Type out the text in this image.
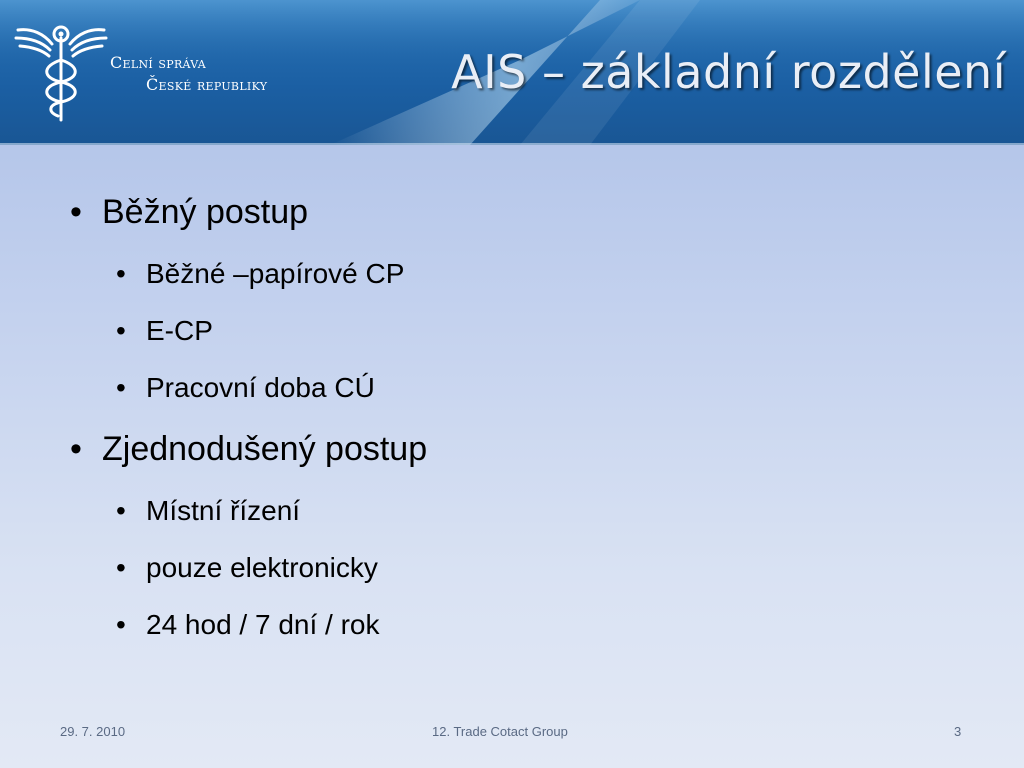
Celní správa
České republiky	AIS – základní rozdělení
• Běžný postup
• Běžné –papírové CP
• E-CP
• Pracovní doba CÚ
• Zjednodušený postup
• Místní řízení
• pouze elektronicky
• 24 hod / 7 dní / rok
29. 7. 2010	12. Trade Cotact Group	3
